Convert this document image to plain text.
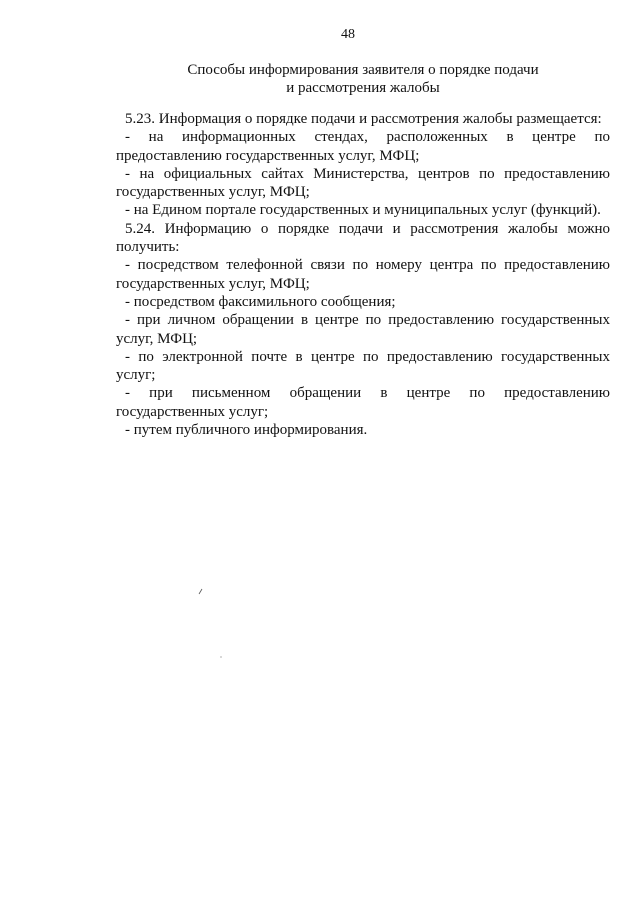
48
Способы информирования заявителя о порядке подачи
и рассмотрения жалобы

5.23. Информация о порядке подачи и рассмотрения жалобы размещается:

- на информационных стендах, расположенных в центре по предоставлению государственных услуг, МФЦ;

- на официальных сайтах Министерства, центров по предоставлению государственных услуг, МФЦ;

- на Едином портале государственных и муниципальных услуг (функций).

5.24. Информацию о порядке подачи и рассмотрения жалобы можно получить:

- посредством телефонной связи по номеру центра по предоставлению государственных услуг, МФЦ;

- посредством факсимильного сообщения;

- при личном обращении в центре по предоставлению государственных услуг, МФЦ;

- по электронной почте в центре по предоставлению государственных услуг;

- при письменном обращении в центре по предоставлению государственных услуг;

- путем публичного информирования.
